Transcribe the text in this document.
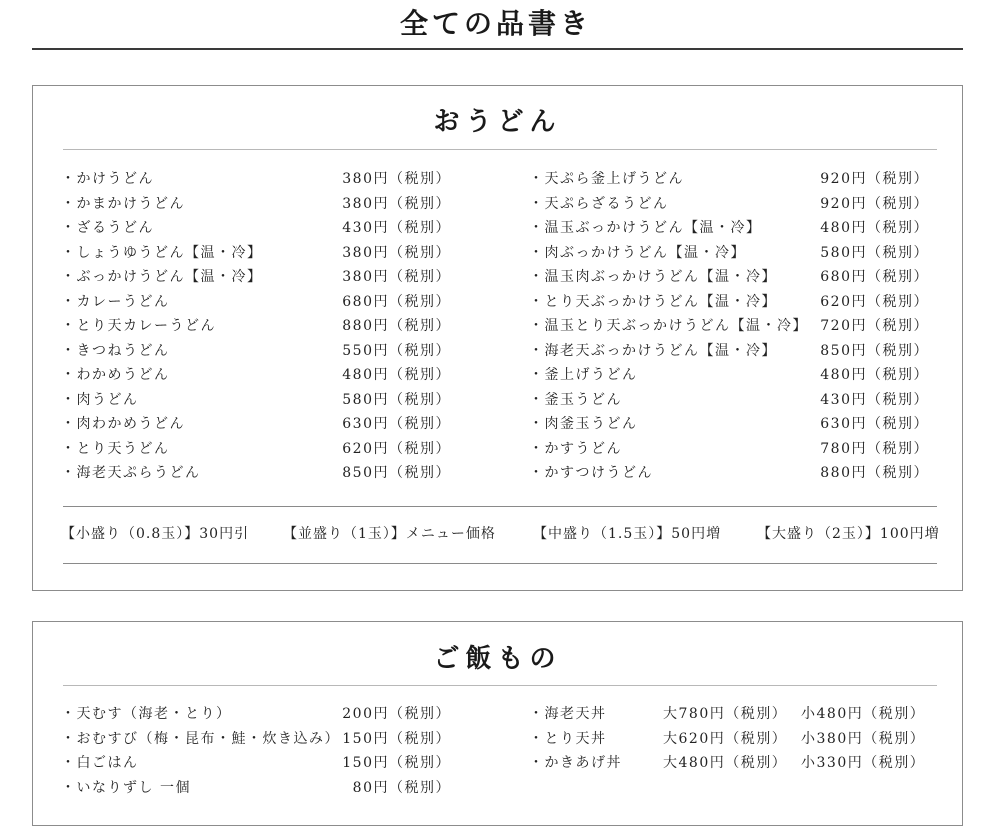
全ての品書き
おうどん
・かけうどん	380円（税別）
・かまかけうどん	380円（税別）
・ざるうどん	430円（税別）
・しょうゆうどん【温・冷】	380円（税別）
・ぶっかけうどん【温・冷】	380円（税別）
・カレーうどん	680円（税別）
・とり天カレーうどん	880円（税別）
・きつねうどん	550円（税別）
・わかめうどん	480円（税別）
・肉うどん	580円（税別）
・肉わかめうどん	630円（税別）
・とり天うどん	620円（税別）
・海老天ぷらうどん	850円（税別）
・天ぷら釜上げうどん	920円（税別）
・天ぷらざるうどん	920円（税別）
・温玉ぶっかけうどん【温・冷】	480円（税別）
・肉ぶっかけうどん【温・冷】	580円（税別）
・温玉肉ぶっかけうどん【温・冷】	680円（税別）
・とり天ぶっかけうどん【温・冷】	620円（税別）
・温玉とり天ぶっかけうどん【温・冷】 720円（税別）
・海老天ぶっかけうどん【温・冷】	850円（税別）
・釜上げうどん	480円（税別）
・釜玉うどん	430円（税別）
・肉釜玉うどん	630円（税別）
・かすうどん	780円（税別）
・かすつけうどん	880円（税別）
【小盛り（0.8玉）】30円引 【並盛り（1玉）】メニュー価格	【中盛り（1.5玉）】50円増	【大盛り（2玉）】100円増
ご飯もの
・天むす（海老・とり）	200円（税別）
・おむすび（梅・昆布・鮭・炊き込み） 150円（税別）
・白ごはん	150円（税別）
・いなりずし 一個	80円（税別）
・海老天丼	大780円（税別） 小480円（税別）
・とり天丼	大620円（税別） 小380円（税別）
・かきあげ丼	大480円（税別） 小330円（税別）
